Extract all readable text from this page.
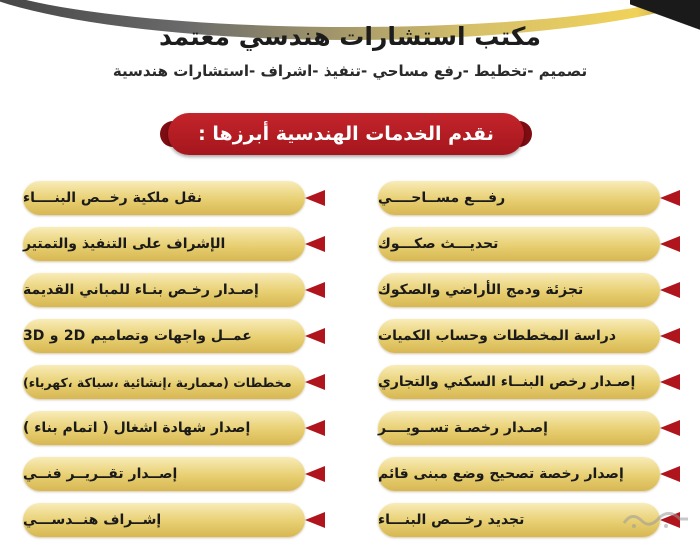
مكتب استشارات هندسي معتمد
تصميم -تخطيط -رفع مساحي -تنفيذ -اشراف -استشارات هندسية
نقدم الخدمات الهندسية أبرزها :
رفـــع مســاحــــي
تحديـــث صكـــوك
تجزئة ودمج الأراضي والصكوك
دراسة المخططات وحساب الكميات
إصـدار رخص البنــاء السكني والتجاري
إصـدار رخصـة تســويــــر
إصدار رخصة تصحيح وضع مبنى قائم
تجديد رخـــص البنـــاء
نقل ملكية رخــص البنــــاء
الإشراف على التنفيذ والتمتير
إصـدار رخـص بنـاء للمباني القديمة
عمــل واجهات وتصاميم 2D و 3D
مخططات (معمارية ،إنشائية ،سباكة ،كهرباء)
إصدار شهادة اشغال ( اتمام بناء )
إصــدار تقــريــر فنــي
إشــراف هنــدســـي
